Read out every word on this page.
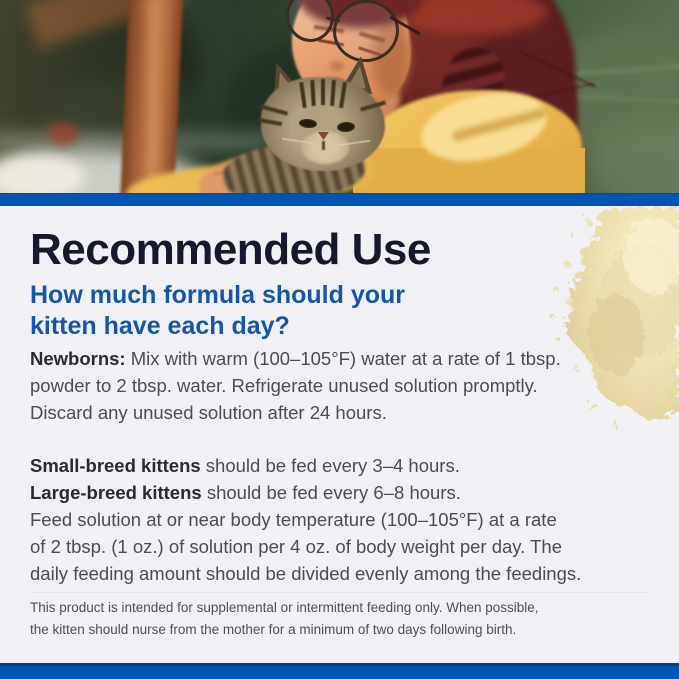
Recommended Use
How much formula should your
kitten have each day?
Newborns: Mix with warm (100–105°F) water at a rate of 1 tbsp.
powder to 2 tbsp. water. Refrigerate unused solution promptly.
Discard any unused solution after 24 hours.
Small-breed kittens should be fed every 3–4 hours.
Large-breed kittens should be fed every 6–8 hours.
Feed solution at or near body temperature (100–105°F) at a rate
of 2 tbsp. (1 oz.) of solution per 4 oz. of body weight per day. The
daily feeding amount should be divided evenly among the feedings.
This product is intended for supplemental or intermittent feeding only. When possible,
the kitten should nurse from the mother for a minimum of two days following birth.
